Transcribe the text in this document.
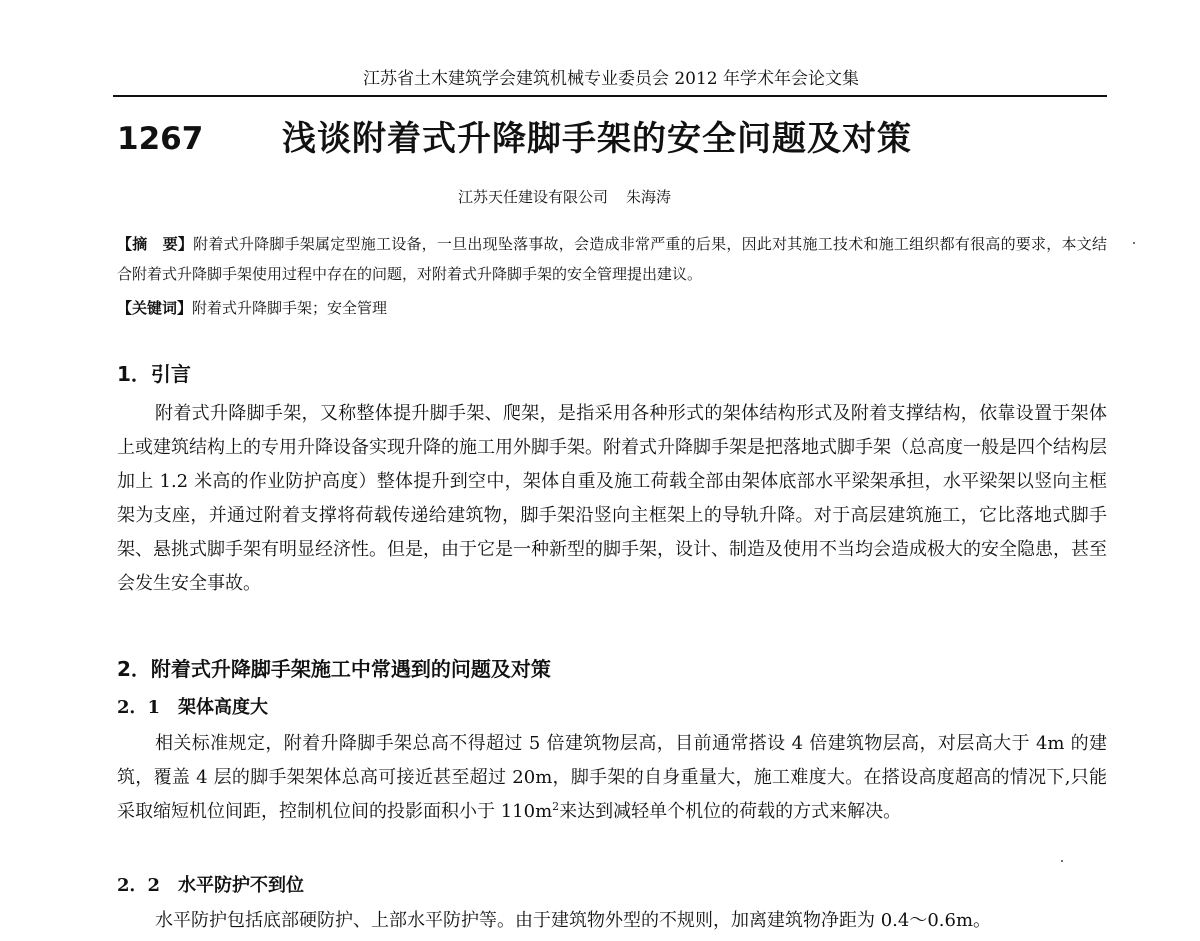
江苏省土木建筑学会建筑机械专业委员会 2012 年学术年会论文集
1267 浅谈附着式升降脚手架的安全问题及对策
江苏天任建设有限公司 朱海涛
【摘　要】附着式升降脚手架属定型施工设备，一旦出现坠落事故，会造成非常严重的后果，因此对其施工技术和施工组织都有很高的要求，本文结合附着式升降脚手架使用过程中存在的问题，对附着式升降脚手架的安全管理提出建议。
【关键词】附着式升降脚手架；安全管理
1．引言
附着式升降脚手架，又称整体提升脚手架、爬架，是指采用各种形式的架体结构形式及附着支撑结构，依靠设置于架体上或建筑结构上的专用升降设备实现升降的施工用外脚手架。附着式升降脚手架是把落地式脚手架（总高度一般是四个结构层加上 1.2 米高的作业防护高度）整体提升到空中，架体自重及施工荷载全部由架体底部水平梁架承担，水平梁架以竖向主框架为支座，并通过附着支撑将荷载传递给建筑物，脚手架沿竖向主框架上的导轨升降。对于高层建筑施工，它比落地式脚手架、悬挑式脚手架有明显经济性。但是，由于它是一种新型的脚手架，设计、制造及使用不当均会造成极大的安全隐患，甚至会发生安全事故。
2．附着式升降脚手架施工中常遇到的问题及对策
2．1　架体高度大
相关标准规定，附着升降脚手架总高不得超过 5 倍建筑物层高，目前通常搭设 4 倍建筑物层高，对层高大于 4m 的建筑，覆盖 4 层的脚手架架体总高可接近甚至超过 20m，脚手架的自身重量大，施工难度大。在搭设高度超高的情况下,只能采取缩短机位间距，控制机位间的投影面积小于 $110m^2$来达到减轻单个机位的荷载的方式来解决。
2．2　水平防护不到位
水平防护包括底部硬防护、上部水平防护等。由于建筑物外型的不规则，加离建筑物净距为 0.4～0.6m。
